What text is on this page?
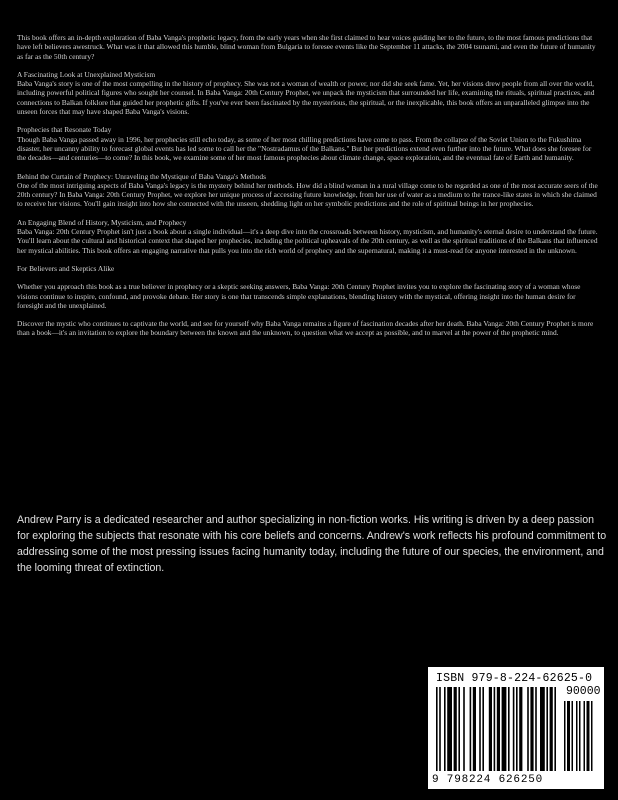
This book offers an in-depth exploration of Baba Vanga's prophetic legacy, from the early years when she first claimed to hear voices guiding her to the future, to the most famous predictions that have left believers awestruck. What was it that allowed this humble, blind woman from Bulgaria to foresee events like the September 11 attacks, the 2004 tsunami, and even the future of humanity as far as the 50th century?

A Fascinating Look at Unexplained Mysticism
Baba Vanga's story is one of the most compelling in the history of prophecy. She was not a woman of wealth or power, nor did she seek fame. Yet, her visions drew people from all over the world, including powerful political figures who sought her counsel. In Baba Vanga: 20th Century Prophet, we unpack the mysticism that surrounded her life, examining the rituals, spiritual practices, and connections to Balkan folklore that guided her prophetic gifts. If you've ever been fascinated by the mysterious, the spiritual, or the inexplicable, this book offers an unparalleled glimpse into the unseen forces that may have shaped Baba Vanga's visions.
Prophecies that Resonate Today
Though Baba Vanga passed away in 1996, her prophecies still echo today, as some of her most chilling predictions have come to pass. From the collapse of the Soviet Union to the Fukushima disaster, her uncanny ability to forecast global events has led some to call her the "Nostradamus of the Balkans." But her predictions extend even further into the future. What does she foresee for the decades—and centuries—to come? In this book, we examine some of her most famous prophecies about climate change, space exploration, and the eventual fate of Earth and humanity.
Behind the Curtain of Prophecy: Unraveling the Mystique of Baba Vanga's Methods
One of the most intriguing aspects of Baba Vanga's legacy is the mystery behind her methods. How did a blind woman in a rural village come to be regarded as one of the most accurate seers of the 20th century? In Baba Vanga: 20th Century Prophet, we explore her unique process of accessing future knowledge, from her use of water as a medium to the trance-like states in which she claimed to receive her visions. You'll gain insight into how she connected with the unseen, shedding light on her symbolic predictions and the role of spiritual beings in her prophecies.
An Engaging Blend of History, Mysticism, and Prophecy
Baba Vanga: 20th Century Prophet isn't just a book about a single individual—it's a deep dive into the crossroads between history, mysticism, and humanity's eternal desire to understand the future. You'll learn about the cultural and historical context that shaped her prophecies, including the political upheavals of the 20th century, as well as the spiritual traditions of the Balkans that influenced her mystical abilities. This book offers an engaging narrative that pulls you into the rich world of prophecy and the supernatural, making it a must-read for anyone interested in the unknown.

For Believers and Skeptics Alike

Whether you approach this book as a true believer in prophecy or a skeptic seeking answers, Baba Vanga: 20th Century Prophet invites you to explore the fascinating story of a woman whose visions continue to inspire, confound, and provoke debate. Her story is one that transcends simple explanations, blending history with the mystical, offering insight into the human desire for foresight and the unexplained.

Discover the mystic who continues to captivate the world, and see for yourself why Baba Vanga remains a figure of fascination decades after her death. Baba Vanga: 20th Century Prophet is more than a book—it's an invitation to explore the boundary between the known and the unknown, to question what we accept as possible, and to marvel at the power of the prophetic mind.

Andrew Parry is a dedicated researcher and author specializing in non-fiction works. His writing is driven by a deep passion for exploring the subjects that resonate with his core beliefs and concerns. Andrew's work reflects his profound commitment to addressing some of the most pressing issues facing humanity today, including the future of our species, the environment, and the looming threat of extinction.
ISBN 979-8-224-62625-0
90000
9 798224 626250
